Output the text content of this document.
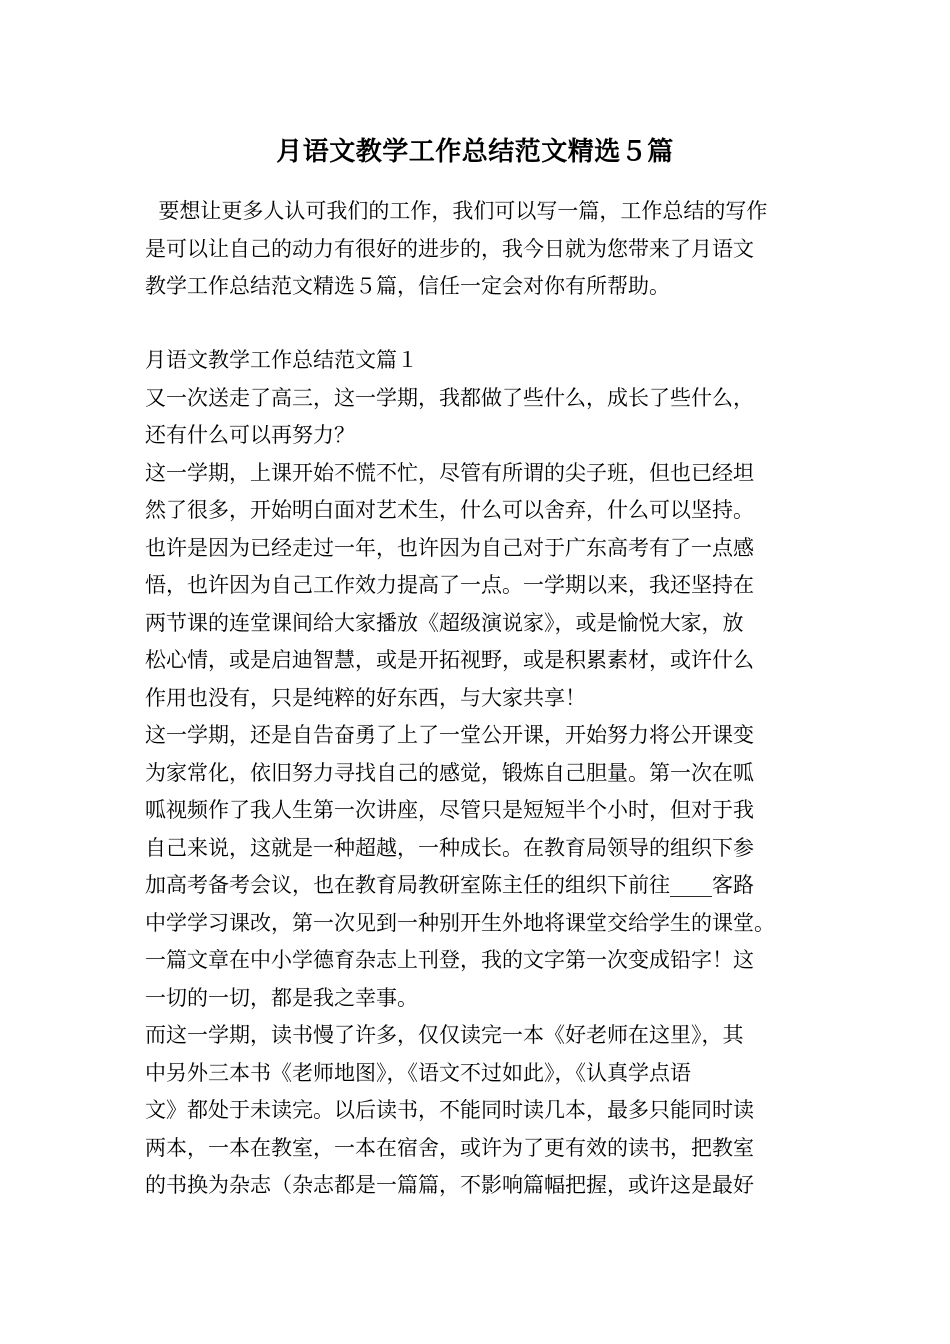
月语文教学工作总结范文精选５篇
要想让更多人认可我们的工作，我们可以写一篇，工作总结的写作
是可以让自己的动力有很好的进步的，我今日就为您带来了月语文
教学工作总结范文精选５篇，信任一定会对你有所帮助。
月语文教学工作总结范文篇１
又一次送走了高三，这一学期，我都做了些什么，成长了些什么，
还有什么可以再努力？
这一学期，上课开始不慌不忙，尽管有所谓的尖子班，但也已经坦
然了很多，开始明白面对艺术生，什么可以舍弃，什么可以坚持。
也许是因为已经走过一年，也许因为自己对于广东高考有了一点感
悟，也许因为自己工作效力提高了一点。一学期以来，我还坚持在
两节课的连堂课间给大家播放《超级演说家》，或是愉悦大家，放
松心情，或是启迪智慧，或是开拓视野，或是积累素材，或许什么
作用也没有，只是纯粹的好东西，与大家共享！
这一学期，还是自告奋勇了上了一堂公开课，开始努力将公开课变
为家常化，依旧努力寻找自己的感觉，锻炼自己胆量。第一次在呱
呱视频作了我人生第一次讲座，尽管只是短短半个小时，但对于我
自己来说，这就是一种超越，一种成长。在教育局领导的组织下参
加高考备考会议，也在教育局教研室陈主任的组织下前往____客路
中学学习课改，第一次见到一种别开生外地将课堂交给学生的课堂。
一篇文章在中小学德育杂志上刊登，我的文字第一次变成铅字！这
一切的一切，都是我之幸事。
而这一学期，读书慢了许多，仅仅读完一本《好老师在这里》，其
中另外三本书《老师地图》，《语文不过如此》，《认真学点语
文》都处于未读完。以后读书，不能同时读几本，最多只能同时读
两本，一本在教室，一本在宿舍，或许为了更有效的读书，把教室
的书换为杂志（杂志都是一篇篇，不影响篇幅把握，或许这是最好
